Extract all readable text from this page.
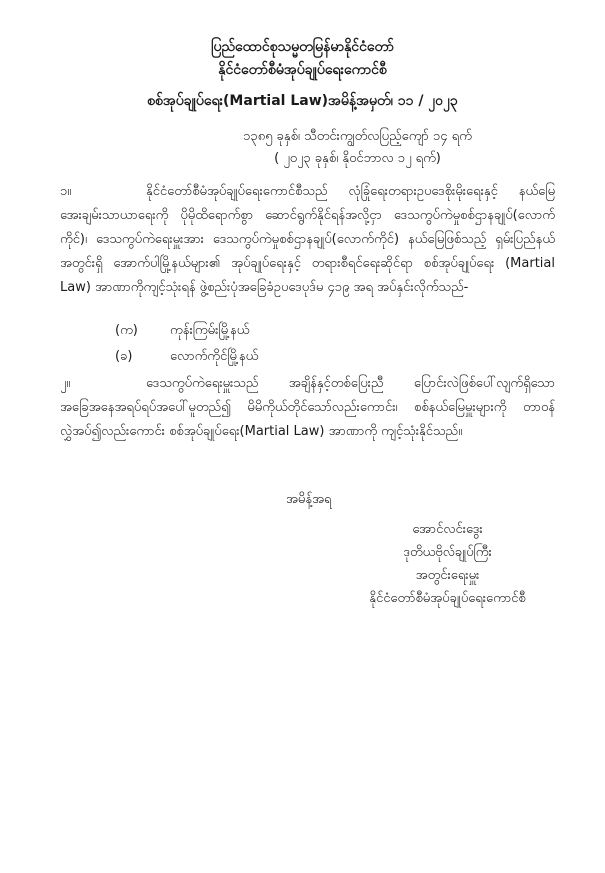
ပြည်ထောင်စုသမ္မတမြန်မာနိုင်ငံတော်
နိုင်ငံတော်စီမံအုပ်ချုပ်ရေးကောင်စီ
စစ်အုပ်ချုပ်ရေး(Martial Law)အမိန့်အမှတ်၊ ၁၁ / ၂၀၂၃
၁၃၈၅ ခုနှစ်၊ သီတင်းကျွတ်လပြည့်ကျော် ၁၄ ရက်
( ၂၀၂၃ ခုနှစ်၊ နိုဝင်ဘာလ ၁၂ ရက်)
၁။	နိုင်ငံတော်စီမံအုပ်ချုပ်ရေးကောင်စီသည် လုံခြုံရေးတရားဥပဒေစိုးမိုးရေးနှင့် နယ်မြေအေးချမ်းသာယာရေးကို ပိုမိုထိရောက်စွာ ဆောင်ရွက်နိုင်ရန်အလို့ငှာ ဒေသကွပ်ကဲမှုစစ်ဌာနချုပ်(လောက်ကိုင်)၊ ဒေသကွပ်ကဲရေးမှူးအား ဒေသကွပ်ကဲမှုစစ်ဌာနချုပ်(လောက်ကိုင်) နယ်မြေဖြစ်သည့် ရှမ်းပြည်နယ်အတွင်းရှိ အောက်ပါမြို့နယ်များ၏ အုပ်ချုပ်ရေးနှင့် တရားစီရင်ရေးဆိုင်ရာ စစ်အုပ်ချုပ်ရေး (Martial Law) အာဏာကိုကျင့်သုံးရန် ဖွဲ့စည်းပုံအခြေခံဥပဒေပုဒ်မ ၄၁၉ အရ အပ်နှင်းလိုက်သည်-
(က) ကုန်းကြမ်းမြို့နယ်
(ခ)	လောက်ကိုင်မြို့နယ်
၂။	ဒေသကွပ်ကဲရေးမှူးသည် အချိန်နှင့်တစ်ပြေးညီ ပြောင်းလဲဖြစ်ပေါ်လျက်ရှိသော အခြေအနေအရပ်ရပ်အပေါ်မူတည်၍ မိမိကိုယ်တိုင်သော်လည်းကောင်း၊ စစ်နယ်မြေမှူးများကို တာဝန်လွှဲအပ်၍လည်းကောင်း စစ်အုပ်ချုပ်ရေး(Martial Law) အာဏာကို ကျင့်သုံးနိုင်သည်။
အမိန့်အရ
အောင်လင်းဒွေး
ဒုတိယဗိုလ်ချုပ်ကြီး
အတွင်းရေးမှူး
နိုင်ငံတော်စီမံအုပ်ချုပ်ရေးကောင်စီ
